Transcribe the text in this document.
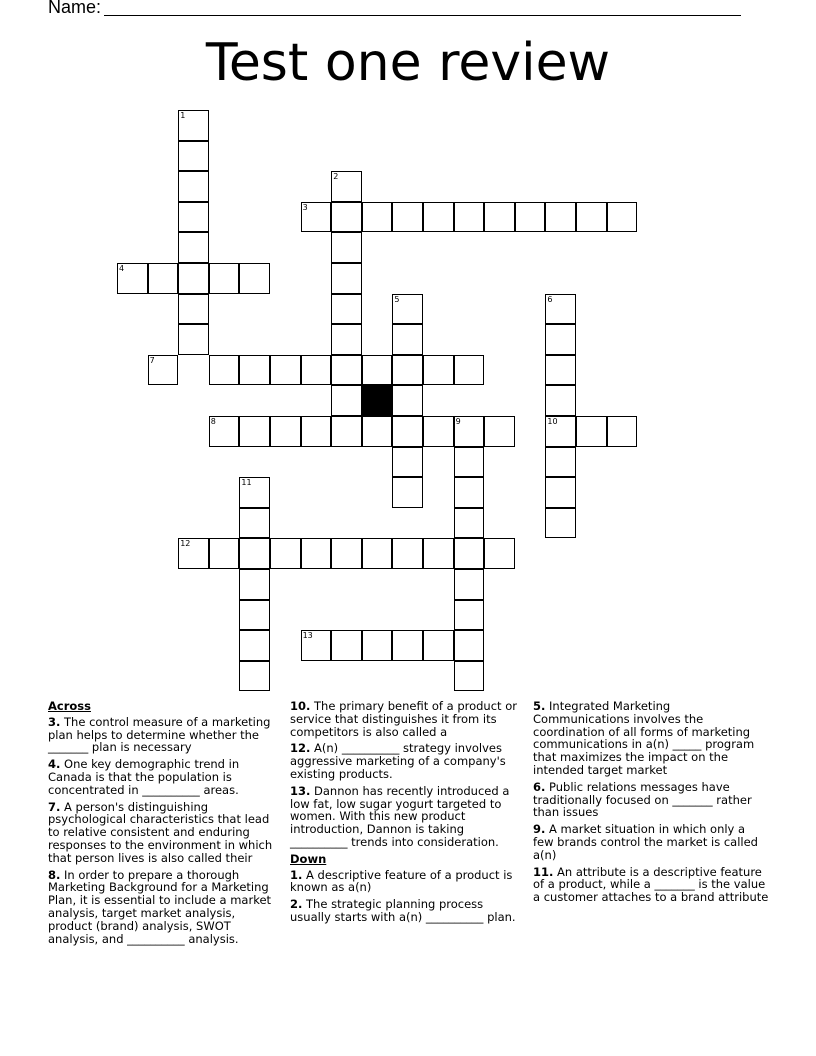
Name:
Test one review
1
2
3
4
5	6
10
7
8	9
11
12
13
Across
3. The control measure of a marketing plan helps to determine whether the _______ plan is necessary
4. One key demographic trend in Canada is that the population is concentrated in __________ areas.
7. A person's distinguishing psychological characteristics that lead to relative consistent and enduring responses to the environment in which that person lives is also called their
8. In order to prepare a thorough Marketing Background for a Marketing Plan, it is essential to include a market analysis, target market analysis, product (brand) analysis, SWOT analysis, and __________ analysis.
10. The primary benefit of a product or service that distinguishes it from its competitors is also called a
12. A(n) __________ strategy involves aggressive marketing of a company's existing products.
13. Dannon has recently introduced a low fat, low sugar yogurt targeted to women. With this new product introduction, Dannon is taking __________ trends into consideration.
Down
1. A descriptive feature of a product is known as a(n)
2. The strategic planning process usually starts with a(n) __________ plan.
5. Integrated Marketing Communications involves the coordination of all forms of marketing communications in a(n) _____ program that maximizes the impact on the intended target market
6. Public relations messages have traditionally focused on _______ rather than issues
9. A market situation in which only a few brands control the market is called a(n)
11. An attribute is a descriptive feature of a product, while a _______ is the value a customer attaches to a brand attribute
